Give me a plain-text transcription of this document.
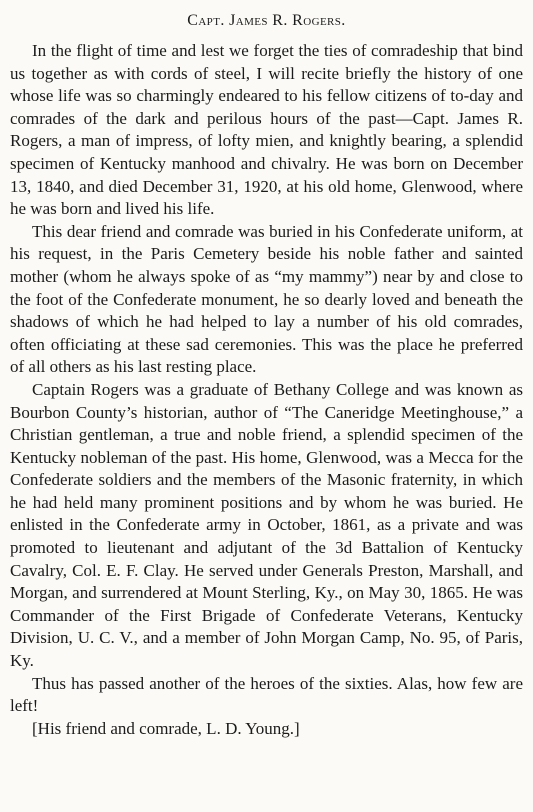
Capt. James R. Rogers.

In the flight of time and lest we forget the ties of comradeship that bind us together as with cords of steel, I will recite briefly the history of one whose life was so charmingly endeared to his fellow citizens of to-day and comrades of the dark and perilous hours of the past—Capt. James R. Rogers, a man of impress, of lofty mien, and knightly bearing, a splendid specimen of Kentucky manhood and chivalry. He was born on December 13, 1840, and died December 31, 1920, at his old home, Glenwood, where he was born and lived his life.

This dear friend and comrade was buried in his Confederate uniform, at his request, in the Paris Cemetery beside his noble father and sainted mother (whom he always spoke of as “my mammy”) near by and close to the foot of the Confederate monument, he so dearly loved and beneath the shadows of which he had helped to lay a number of his old comrades, often officiating at these sad ceremonies. This was the place he preferred of all others as his last resting place.

Captain Rogers was a graduate of Bethany College and was known as Bourbon County’s historian, author of “The Caneridge Meetinghouse,” a Christian gentleman, a true and noble friend, a splendid specimen of the Kentucky nobleman of the past. His home, Glenwood, was a Mecca for the Confederate soldiers and the members of the Masonic fraternity, in which he had held many prominent positions and by whom he was buried. He enlisted in the Confederate army in October, 1861, as a private and was promoted to lieutenant and adjutant of the 3d Battalion of Kentucky Cavalry, Col. E. F. Clay. He served under Generals Preston, Marshall, and Morgan, and surrendered at Mount Sterling, Ky., on May 30, 1865. He was Commander of the First Brigade of Confederate Veterans, Kentucky Division, U. C. V., and a member of John Morgan Camp, No. 95, of Paris, Ky.

Thus has passed another of the heroes of the sixties. Alas, how few are left!

[His friend and comrade, L. D. Young.]
